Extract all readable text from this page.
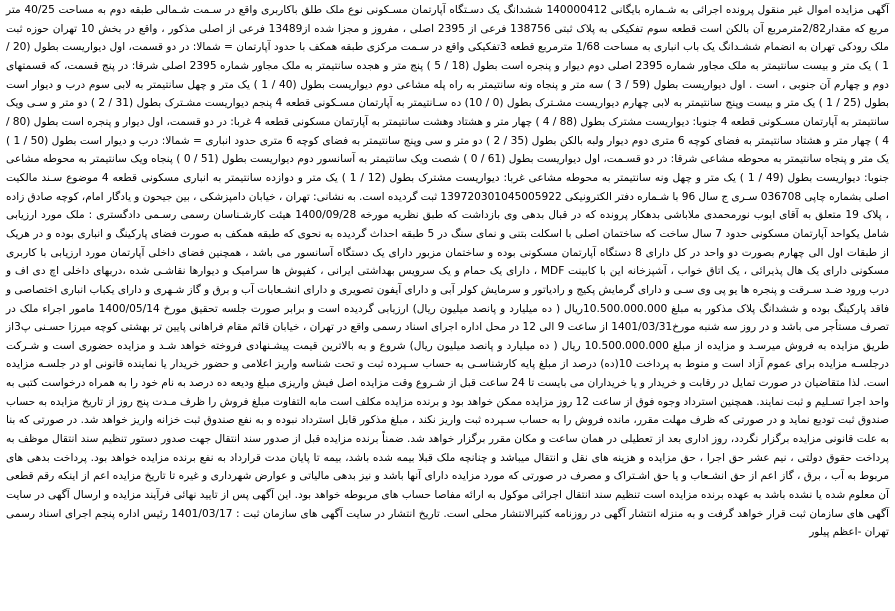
آگهی مزایده اموال غیر منقول پرونده اجرائی به شـماره بایگانی 140000412 ششدانگ یک دسـتگاه آپارتمان مسـکونی نوع ملک طلق باکاربری واقع در سـمت شـمالی طبقه دوم به مساحت 40/25 متر مربع که مقدار2/82مترمربع آن بالکن است قطعه سوم تفکیکی به پلاک ثبتی 138756 فرعی از 2395 اصلی ، مفروز و مجزا شده از13489 فرعی از اصلی مذکور ، واقع در بخش 10 تهران حوزه ثبت ملک رودکی تهران به انضمام ششـدانگ یک باب انباری به مساحت 1/68 مترمربع قطعه 3تفکیکی واقع در سـمت مرکزی طبقه همکف با حدود آپارتمان = شمالا: در دو قسمت، اول دیواریست بطول (20 / 1 ) یک متر و بیست سانتیمتر به ملک مجاور شماره 2395 اصلی دوم دیوار و پنجره است بطول (18 / 5 ) پنج متر و هجده سانتیمتر به ملک مجاور شماره 2395 اصلی شرقا: در پنج قسمت، که قسمتهای دوم و چهارم آن جنوبی ، است . اول دیواریست بطول (59 / 3 ) سه متر و پنجاه ونه سانتیمتر به راه پله مشاعی دوم دیواریست بطول (40 / 1 ) یک متر و چهل سانتیمتر به لابی سوم درب و دیوار است بطول (25 / 1 ) یک متر و بیست وپنج سانتیمتر به لابی چهارم دیواریست مشـترک بطول (0 / 10) ده سـانتیمتر به آپارتمان مسـکونی قطعه 4 پنجم دیواریست مشـترک بطول (31 / 2 ) دو متر و سـی ویک سانتیمتر به آپارتمان مسـکونی قطعه 4 جنوبا: دیواریست مشترک بطول (88 / 4 ) چهار متر و هشتاد وهشت سانتیمتر به آپارتمان مسکونی قطعه 4 غربا: در دو قسمت، اول دیوار و پنجره است بطول (80 / 4 ) چهار متر و هشتاد سانتیمتر به فضای کوچه 6 متری دوم دیوار ولبه بالکن بطول (35 / 2 ) دو متر و سی وپنج سانتیمتر به فضای کوچه 6 متری حدود انباری = شمالا: درب و دیوار است بطول (50 / 1 ) یک متر و پنجاه سانتیمتر به محوطه مشاعی شرقا: در دو قسـمت، اول دیواریست بطول (61 / 0 ) شصت ویک سانتیمتر به آسانسور دوم دیواریست بطول (51 / 0 ) پنجاه ویک سانتیمتر به محوطه مشاعی جنوبا: دیواریست بطول (49 / 1 ) یک متر و چهل ونه سانتیمتر به محوطه مشاعی غربا: دیواریست مشترک بطول (12 / 1 ) یک متر و دوازده سانتیمتر به انباری مسکونی قطعه 4 موضوع سـند مالکیت اصلی بشماره چاپی 036708 سـری ج سال 96 با شـماره دفتر الکترونیکی 139720301045005922 ثبت گردیده است. به نشانی: تهران ، خیابان دامپزشکی ، بین جیحون و یادگار امام، کوچه صادق زاده ، پلاک 19 متعلق به آقای ایوب نورمحمدی ملاباشی بدهکار پرونده که در قبال بدهی وی بازداشت که طبق نظریه مورخه 1400/09/28 هیئت کارشـناسان رسمی رسـمی دادگستری : ملک مورد ارزیابی شامل یکواحد آپارتمان مسکونی حدود 7 سال ساخت که ساختمان اصلی با اسکلت بتنی و نمای سنگ در 5 طبقه احداث گردیده به نحوی که طبقه همکف به صورت فضای پارکینگ و انباری بوده و در هریک از طبقات اول الی چهارم بصورت دو واحد در کل دارای 8 دستگاه آپارتمان مسکونی بوده و ساختمان مزبور دارای یک دستگاه آسانسور می باشد ، همچنین فضای داخلی آپارتمان مورد ارزیابی با کاربری مسکونی دارای یک هال پذیرائی ، یک اتاق خواب ، آشپزخانه این با کابینت MDF ، دارای یک حمام و یک سرویس بهداشتی ایرانی ، کفپوش ها سرامیک و دیوارها نقاشـی شده ،دربهای داخلی اچ دی اف و درب ورود ضـد سـرقت و پنجره ها یو پی وی سـی و دارای گرمایش پکیج و رادیاتور و سرمایش کولر آبی و دارای آیفون تصویری و دارای انشـعابات آب و برق و گاز شـهری و دارای یکباب انباری اختصاصی و فاقد پارکینگ بوده و ششدانگ پلاک مذکور به مبلغ 10.500.000.000ریال ( ده میلیارد و پانصد میلیون ریال) ارزیابی گردیده است و برابر صورت جلسه تحقیق مورخ 1400/05/14 مامور اجراء ملک در تصرف مستأجر می باشد و در روز سه شنبه مورخ1401/03/31 از ساعت 9 الی 12 در محل اداره اجرای اسناد رسمی واقع در تهران ، خیابان قائم مقام فراهانی پایین تر بهشتی کوچه میرزا حسـنی پ3از طریق مزایده به فروش میرسـد و مزایده از مبلغ 10.500.000.000 ریال ( ده میلیارد و پانصد میلیون ریال) شروع و به بالاترین قیمت پیشـنهادی فروخته خواهد شـد و مزایده حضوری است و شـرکت درجلسـه مزایده برای عموم آزاد است و منوط به پرداخت 10(ده) درصد از مبلغ پایه کارشناسـی به حساب سـپرده ثبت و تحت شناسه واریز اعلامی و حضور خریدار یا نماینده قانونی او در جلسـه مزایده است. لذا متقاضیان در صورت تمایل در رقابت و خریدار و یا خریداران می بایست تا 24 ساعت قبل از شـروع وقت مزایده اصل فیش واریزی مبلغ ودیعه ده درصد به نام خود را به همراه درخواست کتبی به واحد اجرا تسـلیم و ثبت نمایند. همچنین استرداد وجوه فوق از ساعت 12 روز مزایده ممکن خواهد بود و برنده مزایده مکلف است مابه التفاوت مبلغ فروش را ظرف مـدت پنج روز از تاریخ مزایده به حساب صندوق ثبت تودیع نماید و در صورتی که ظرف مهلت مقرر، مانده فروش را به حساب سـپرده ثبت واریز نکند ، مبلغ مذکور قابل استرداد نبوده و به نفع صندوق ثبت خزانه واریز خواهد شد. در صورتی که بنا به علت قانونی مزایده برگزار نگردد، روز اداری بعد از تعطیلی در همان ساعت و مکان مقرر برگزار خواهد شد. ضمناً برنده مزایده قبل از صدور سند انتقال جهت صدور دستور تنظیم سند انتقال موظف به پرداخت حقوق دولتی ، نیم عشر حق اجرا ، حق مزایده و هزینه های نقل و انتقال میباشد و چنانچه ملک قبلا بیمه شده باشد، بیمه تا پایان مدت قرارداد به نفع برنده مزایده خواهد بود. پرداخت بدهی های مربوط به آب ، برق ، گاز اعم از حق انشـعاب و یا حق اشـتراک و مصرف در صورتی که مورد مزایده دارای آنها باشد و نیز بدهی مالیاتی و عوارض شهرداری و غیره تا تاریخ مزایده اعم از اینکه رقم قطعی آن معلوم شده یا نشده باشد به عهده برنده مزایده است تنظیم سند انتقال اجرائی موکول به ارائه مفاصا حساب های مربوطه خواهد بود. این آگهی پس از تایید نهائی فرآیند مزایده و ارسال آگهی در سایت آگهی های سازمان ثبت قرار خواهد گرفت و به منزله انتشار آگهی در روزنامه کثیرالانتشار محلی است. تاریخ انتشار در سایت آگهی های سازمان ثبت : 1401/03/17 رئیس اداره پنجم اجرای اسناد رسمی تهران -اعظم پیلور
